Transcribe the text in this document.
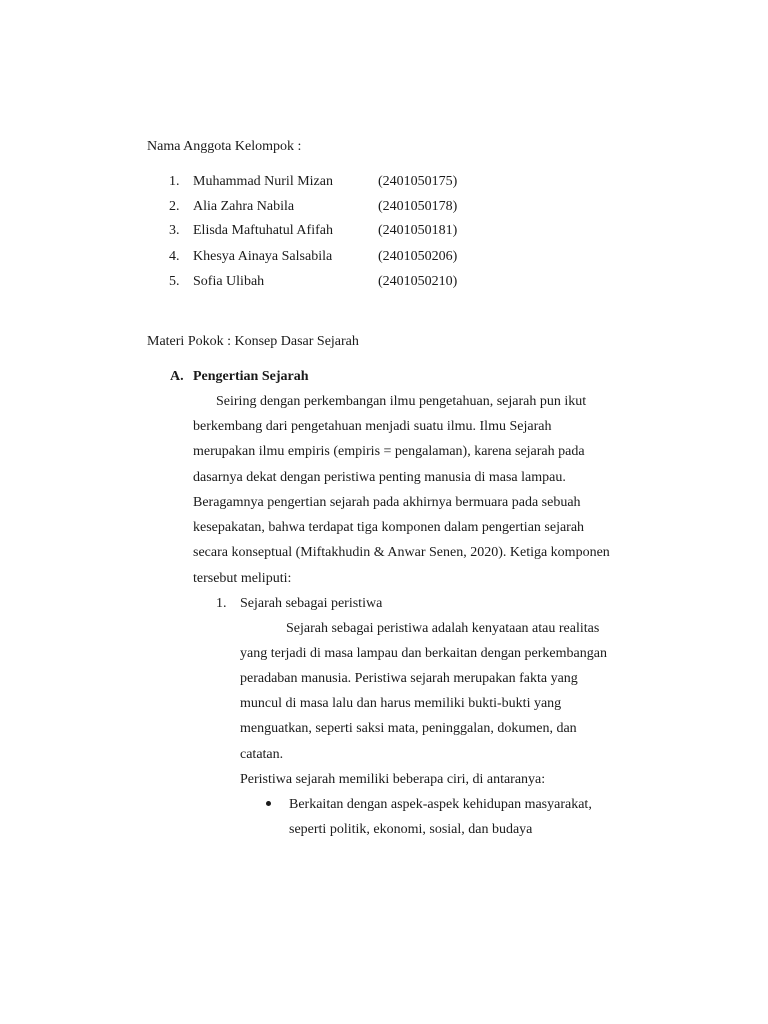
Nama Anggota Kelompok :
1. Muhammad Nuril Mizan	(2401050175)
2. Alia Zahra Nabila	(2401050178)
3. Elisda Maftuhatul Afifah	(2401050181)
4. Khesya Ainaya Salsabila	(2401050206)
5. Sofia Ulibah	(2401050210)
Materi Pokok : Konsep Dasar Sejarah
A. Pengertian Sejarah
Seiring dengan perkembangan ilmu pengetahuan, sejarah pun ikut
berkembang dari pengetahuan menjadi suatu ilmu. Ilmu Sejarah
merupakan ilmu empiris (empiris = pengalaman), karena sejarah pada
dasarnya dekat dengan peristiwa penting manusia di masa lampau.
Beragamnya pengertian sejarah pada akhirnya bermuara pada sebuah
kesepakatan, bahwa terdapat tiga komponen dalam pengertian sejarah
secara konseptual (Miftakhudin & Anwar Senen, 2020). Ketiga komponen
tersebut meliputi:
1. Sejarah sebagai peristiwa
Sejarah sebagai peristiwa adalah kenyataan atau realitas
yang terjadi di masa lampau dan berkaitan dengan perkembangan
peradaban manusia. Peristiwa sejarah merupakan fakta yang
muncul di masa lalu dan harus memiliki bukti-bukti yang
menguatkan, seperti saksi mata, peninggalan, dokumen, dan
catatan.
Peristiwa sejarah memiliki beberapa ciri, di antaranya:
Berkaitan dengan aspek-aspek kehidupan masyarakat,
seperti politik, ekonomi, sosial, dan budaya
